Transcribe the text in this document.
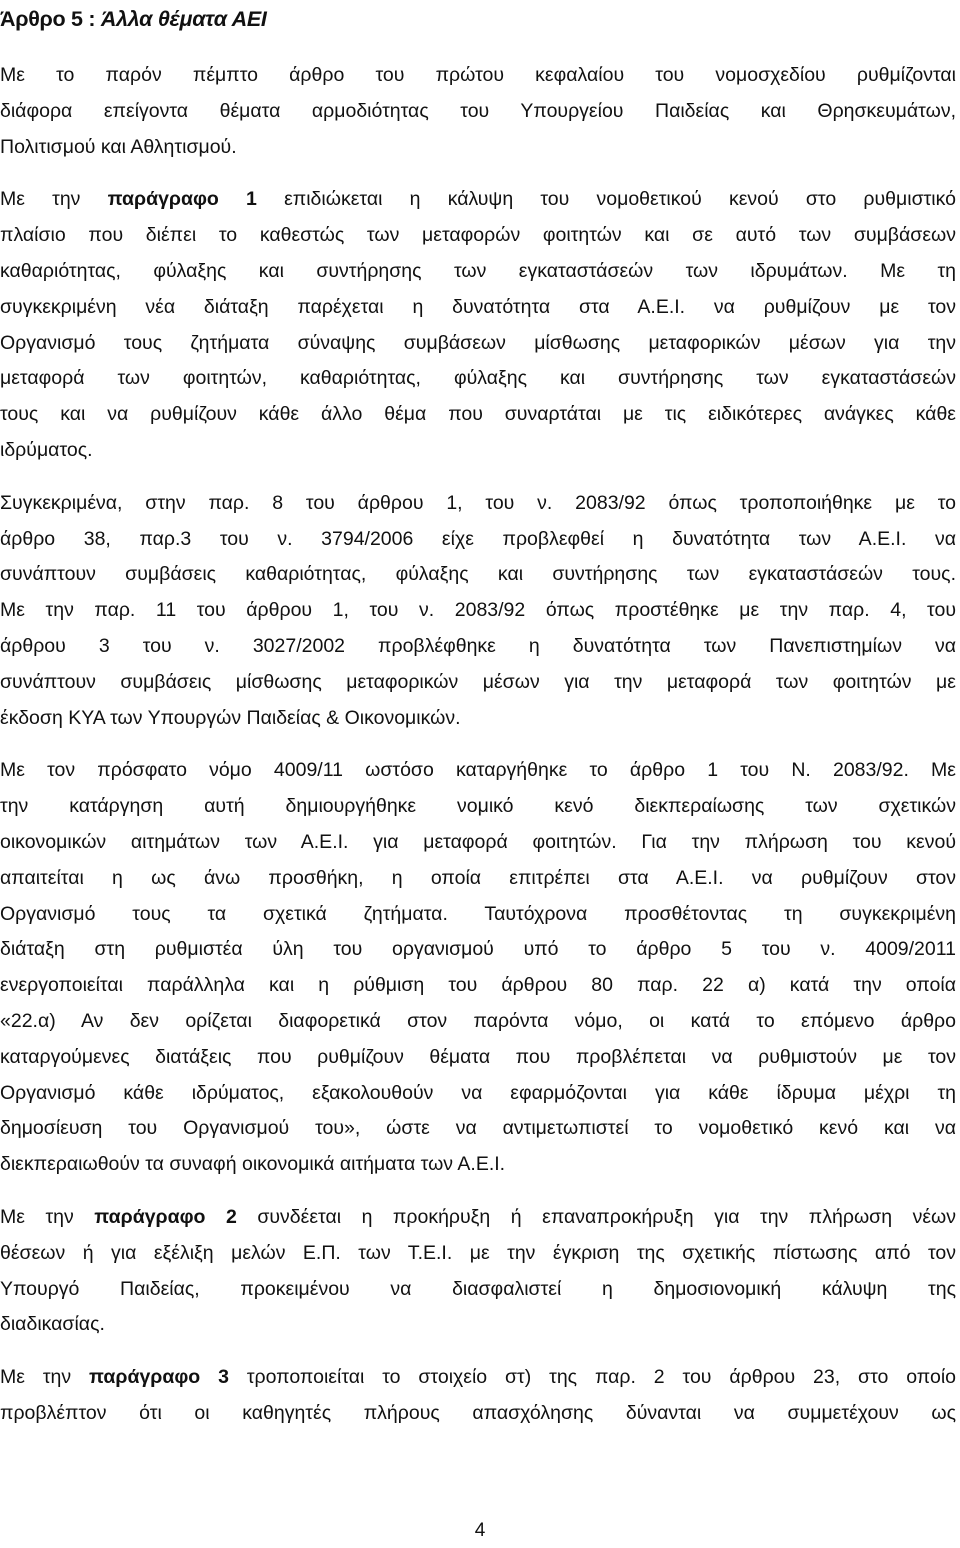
Άρθρο 5 : Άλλα θέματα ΑΕΙ
Με το παρόν πέμπτο άρθρο του πρώτου κεφαλαίου του νομοσχεδίου ρυθμίζονται
διάφορα επείγοντα θέματα αρμοδιότητας του Υπουργείου Παιδείας και Θρησκευμάτων,
Πολιτισμού και Αθλητισμού.
Με την παράγραφο 1 επιδιώκεται η κάλυψη του νομοθετικού κενού στο ρυθμιστικό
πλαίσιο που διέπει το καθεστώς των μεταφορών φοιτητών και σε αυτό των συμβάσεων
καθαριότητας, φύλαξης και συντήρησης των εγκαταστάσεών των ιδρυμάτων. Με τη
συγκεκριμένη νέα διάταξη παρέχεται η δυνατότητα στα Α.Ε.Ι. να ρυθμίζουν με τον
Οργανισμό τους ζητήματα σύναψης συμβάσεων μίσθωσης μεταφορικών μέσων για την
μεταφορά των φοιτητών, καθαριότητας, φύλαξης και συντήρησης των εγκαταστάσεών
τους και να ρυθμίζουν κάθε άλλο θέμα που συναρτάται με τις ειδικότερες ανάγκες κάθε
ιδρύματος.
Συγκεκριμένα, στην παρ. 8 του άρθρου 1, του ν. 2083/92 όπως τροποποιήθηκε με το
άρθρο 38, παρ.3 του ν. 3794/2006 είχε προβλεφθεί η δυνατότητα των Α.Ε.Ι. να
συνάπτουν συμβάσεις καθαριότητας, φύλαξης και συντήρησης των εγκαταστάσεών τους.
Με την παρ. 11 του άρθρου 1, του ν. 2083/92 όπως προστέθηκε με την παρ. 4, του
άρθρου 3 του ν. 3027/2002 προβλέφθηκε η δυνατότητα των Πανεπιστημίων να
συνάπτουν συμβάσεις μίσθωσης μεταφορικών μέσων για την μεταφορά των φοιτητών με
έκδοση ΚΥΑ των Υπουργών Παιδείας & Οικονομικών.
Με τον πρόσφατο νόμο 4009/11 ωστόσο καταργήθηκε το άρθρο 1 του Ν. 2083/92. Με
την κατάργηση αυτή δημιουργήθηκε νομικό κενό διεκπεραίωσης των σχετικών
οικονομικών αιτημάτων των Α.Ε.Ι. για μεταφορά φοιτητών. Για την πλήρωση του κενού
απαιτείται η ως άνω προσθήκη, η οποία επιτρέπει στα Α.Ε.Ι. να ρυθμίζουν στον
Οργανισμό τους τα σχετικά ζητήματα. Ταυτόχρονα προσθέτοντας τη συγκεκριμένη
διάταξη στη ρυθμιστέα ύλη του οργανισμού υπό το άρθρο 5 του ν. 4009/2011
ενεργοποιείται παράλληλα και η ρύθμιση του άρθρου 80 παρ. 22 α) κατά την οποία
«22.α) Αν δεν ορίζεται διαφορετικά στον παρόντα νόμο, οι κατά το επόμενο άρθρο
καταργούμενες διατάξεις που ρυθμίζουν θέματα που προβλέπεται να ρυθμιστούν με τον
Οργανισμό κάθε ιδρύματος, εξακολουθούν να εφαρμόζονται για κάθε ίδρυμα μέχρι τη
δημοσίευση του Οργανισμού του», ώστε να αντιμετωπιστεί το νομοθετικό κενό και να
διεκπεραιωθούν τα συναφή οικονομικά αιτήματα των Α.Ε.Ι.
Με την παράγραφο 2 συνδέεται η προκήρυξη ή επαναπροκήρυξη για την πλήρωση νέων
θέσεων ή για εξέλιξη μελών Ε.Π. των Τ.Ε.Ι. με την έγκριση της σχετικής πίστωσης από τον
Υπουργό Παιδείας, προκειμένου να διασφαλιστεί η δημοσιονομική κάλυψη της
διαδικασίας.
Με την παράγραφο 3 τροποποιείται το στοιχείο στ) της παρ. 2 του άρθρου 23, στο οποίο
προβλέπτον ότι οι καθηγητές πλήρους απασχόλησης δύνανται να συμμετέχουν ως
4
